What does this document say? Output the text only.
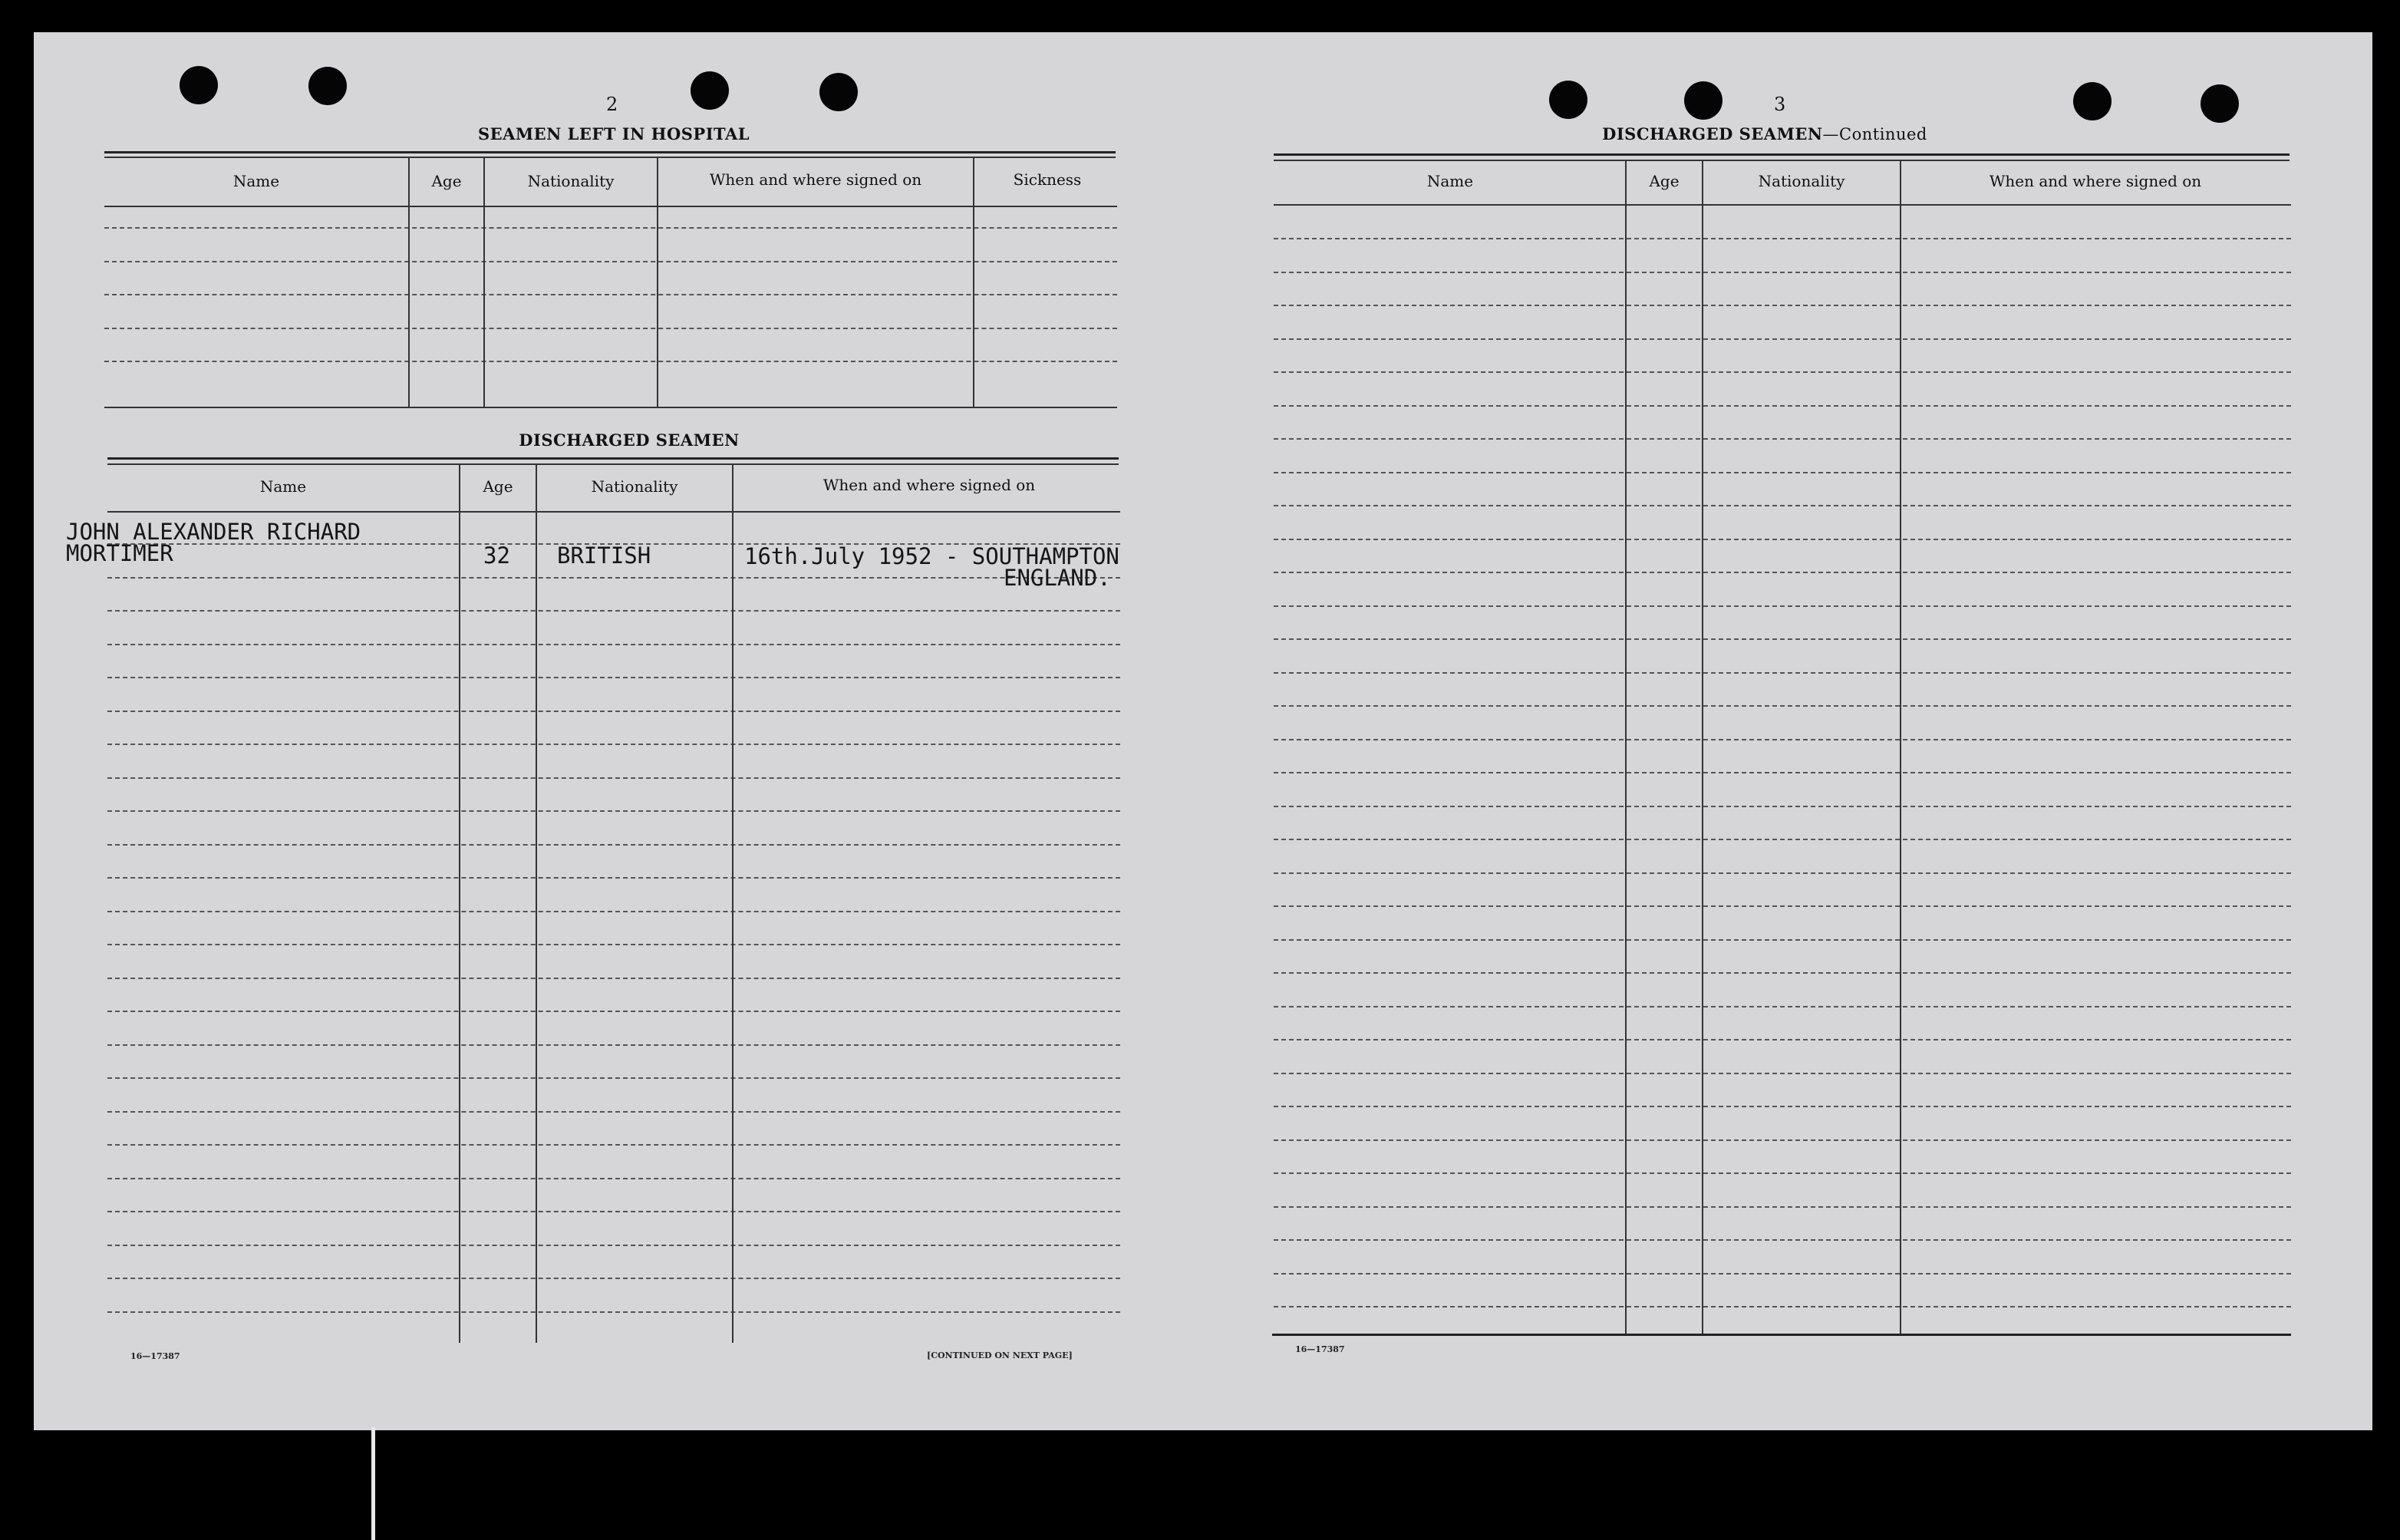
2
SEAMEN LEFT IN HOSPITAL
Name	Age	Nationality	When and where signed on	Sickness
DISCHARGED SEAMEN
Name	Age	Nationality	When and where signed on
JOHN ALEXANDER RICHARD
MORTIMER	32 BRITISH	16th.July 1952 - SOUTHAMPTON
ENGLAND.
16—17387	[CONTINUED ON NEXT PAGE]
3
DISCHARGED SEAMEN—Continued
Name	Age	Nationality	When and where signed on
16—17387
